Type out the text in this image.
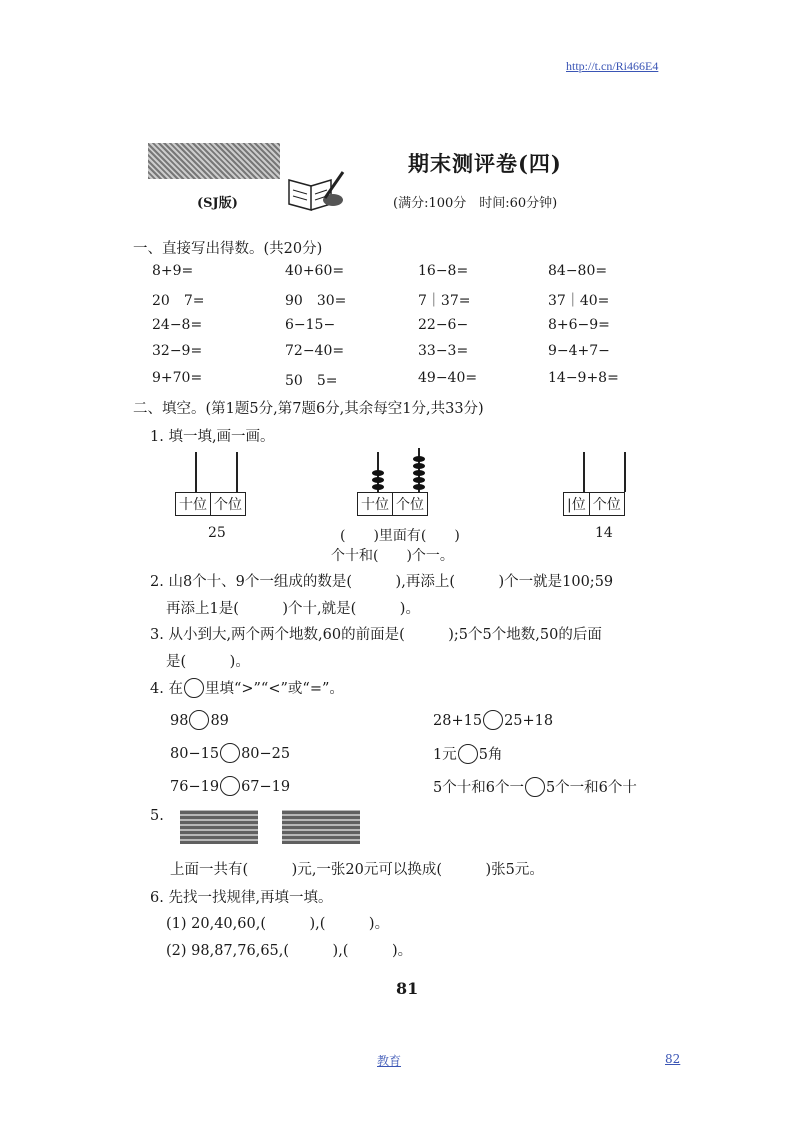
http://t.cn/Ri466E4
期末测评卷(四)
(SJ版)	(满分:100分　时间:60分钟)
一、直接写出得数。(共20分)
8+9=	40+60=	16−8=	84−80=
20　7=	90　30=	7｜37=	37｜40=
24−8=	6−15−	22−6−	8+6−9=
32−9=	72−40=	33−3=	9−4+7−
9+70=	50　5=	49−40=	14−9+8=
二、填空。(第1题5分,第7题6分,其余每空1分,共33分)
1. 填一填,画一画。
十位 个位
25
十位 个位
(　　)里面有(　　)
个十和(　　)个一。
|位 个位
14
2. 山8个十、9个一组成的数是(　　　),再添上(　　　)个一就是100;59
再添上1是(　　　)个十,就是(　　　)。
3. 从小到大,两个两个地数,60的前面是(　　　);5个5个地数,50的后面
是(　　　)。
4. 在 里填“>”“<”或“=”。
98 89	28+15 25+18
80−15 80−25	1元 5角
76−19 67−19	5个十和6个一 5个一和6个十
5.
上面一共有(　　　)元,一张20元可以换成(　　　)张5元。
6. 先找一找规律,再填一填。
(1) 20,40,60,(　　　),(　　　)。
(2) 98,87,76,65,(　　　),(　　　)。
81
教育	82
